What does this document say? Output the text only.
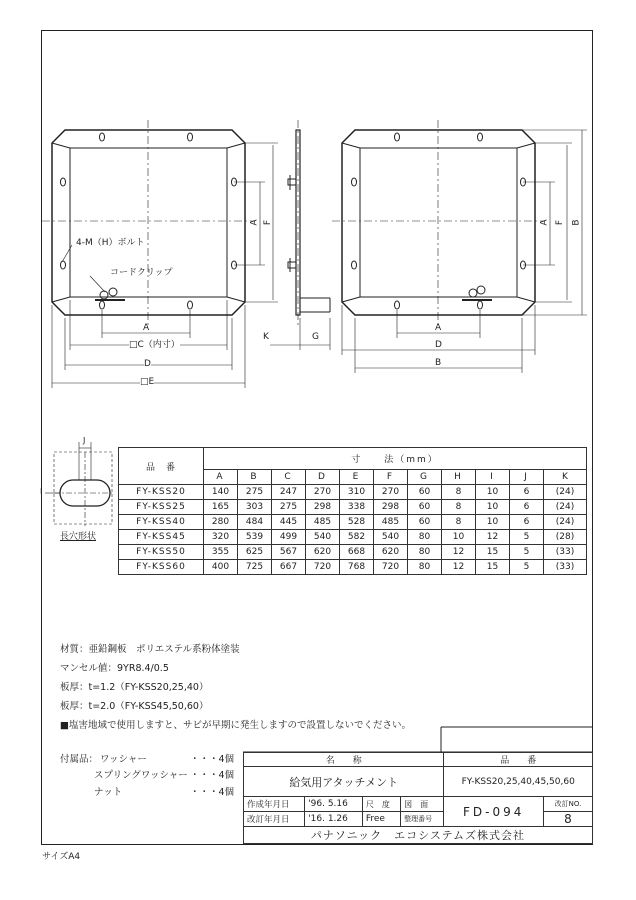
4-M（H）ボルト
コードクリップ
A F
A
□C（内寸）
D
□E
K	G
A F B
A
D
B
J
I
長穴形状
品　番	寸　　法（mm）										
	A	B	C	D	E	F	G	H	I	J	K
FY-KSS20	140	275	247	270	310	270	60	8	10	6	(24)
FY-KSS25	165	303	275	298	338	298	60	8	10	6	(24)
FY-KSS40	280	484	445	485	528	485	60	8	10	6	(24)
FY-KSS45	320	539	499	540	582	540	80	10	12	5	(28)
FY-KSS50	355	625	567	620	668	620	80	12	15	5	(33)
FY-KSS60	400	725	667	720	768	720	80	12	15	5	(33)
材質：亜鉛鋼板　ポリエステル系粉体塗装
マンセル値：9YR8.4/0.5
板厚：t=1.2（FY-KSS20,25,40）
板厚：t=2.0（FY-KSS45,50,60）
■塩害地域で使用しますと、サビが早期に発生しますので設置しないでください。
付属品： ワッシャー	・・・4個
スプリングワッシャー ・・・4個
ナット	・・・4個
名　　称				品　　番	
給気用アタッチメント				FY-KSS20,25,40,45,50,60	
作成年月日	'96. 5.16	尺　度	図　面	FD-094	改訂NO.
改訂年月日	'16. 1.26	Free	整理番号		8
パナソニック　エコシステムズ株式会社					
サイズA4
